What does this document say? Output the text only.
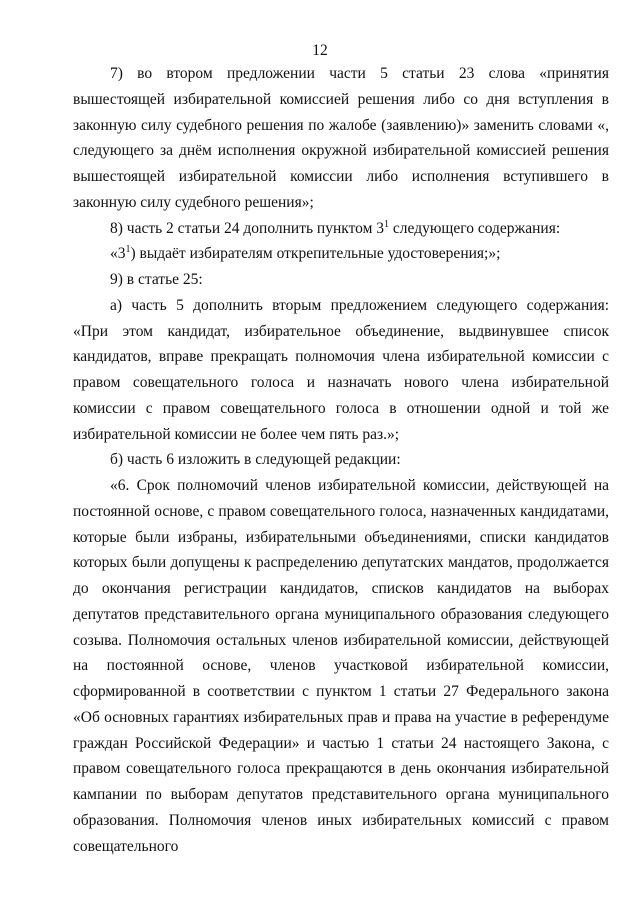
12

7) во втором предложении части 5 статьи 23 слова «принятия вышестоящей избирательной комиссией решения либо со дня вступления в законную силу судебного решения по жалобе (заявлению)» заменить словами «, следующего за днём исполнения окружной избирательной комиссией решения вышестоящей избирательной комиссии либо исполнения вступившего в законную силу судебного решения»;

8) часть 2 статьи 24 дополнить пунктом $3^1$ следующего содержания:

«$3^1$) выдаёт избирателям открепительные удостоверения;»;

9) в статье 25:

а) часть 5 дополнить вторым предложением следующего содержания: «При этом кандидат, избирательное объединение, выдвинувшее список кандидатов, вправе прекращать полномочия члена избирательной комиссии с правом совещательного голоса и назначать нового члена избирательной комиссии с правом совещательного голоса в отношении одной и той же избирательной комиссии не более чем пять раз.»;

б) часть 6 изложить в следующей редакции:

«6. Срок полномочий членов избирательной комиссии, действующей на постоянной основе, с правом совещательного голоса, назначенных кандидатами, которые были избраны, избирательными объединениями, списки кандидатов которых были допущены к распределению депутатских мандатов, продолжается до окончания регистрации кандидатов, списков кандидатов на выборах депутатов представительного органа муниципального образования следующего созыва. Полномочия остальных членов избирательной комиссии, действующей на постоянной основе, членов участковой избирательной комиссии, сформированной в соответствии с пунктом 1 статьи 27 Федерального закона «Об основных гарантиях избирательных прав и права на участие в референдуме граждан Российской Федерации» и частью 1 статьи 24 настоящего Закона, с правом совещательного голоса прекращаются в день окончания избирательной кампании по выборам депутатов представительного органа муниципального образования. Полномочия членов иных избирательных комиссий с правом совещательного
